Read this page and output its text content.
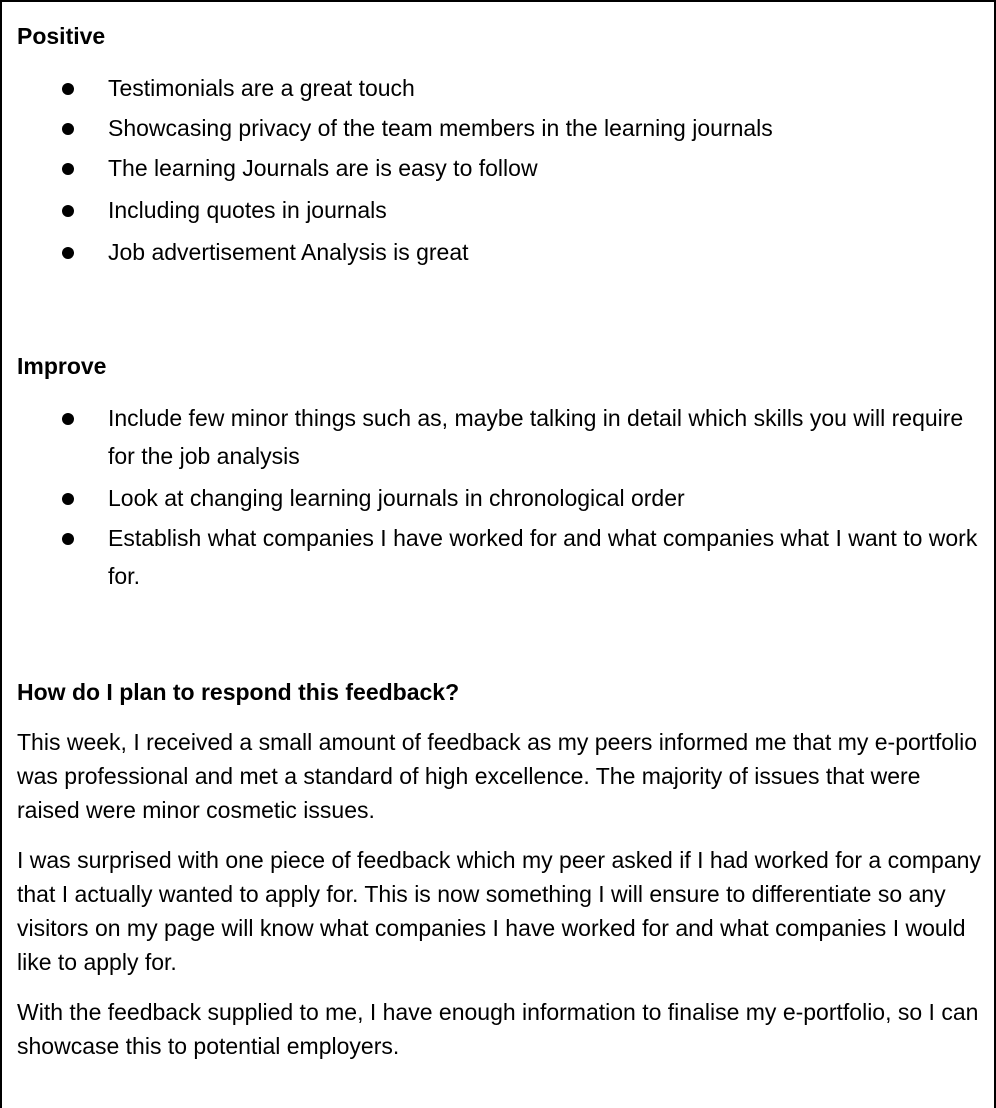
Positive

Testimonials are a great touch

Showcasing privacy of the team members in the learning journals

The learning Journals are is easy to follow

Including quotes in journals

Job advertisement Analysis is great

Improve

Include few minor things such as, maybe talking in detail which skills you will require for the job analysis

Look at changing learning journals in chronological order

Establish what companies I have worked for and what companies what I want to work for.

How do I plan to respond this feedback?

This week, I received a small amount of feedback as my peers informed me that my e-portfolio was professional and met a standard of high excellence. The majority of issues that were raised were minor cosmetic issues.

I was surprised with one piece of feedback which my peer asked if I had worked for a company that I actually wanted to apply for. This is now something I will ensure to differentiate so any visitors on my page will know what companies I have worked for and what companies I would like to apply for.

With the feedback supplied to me, I have enough information to finalise my e-portfolio, so I can showcase this to potential employers.
